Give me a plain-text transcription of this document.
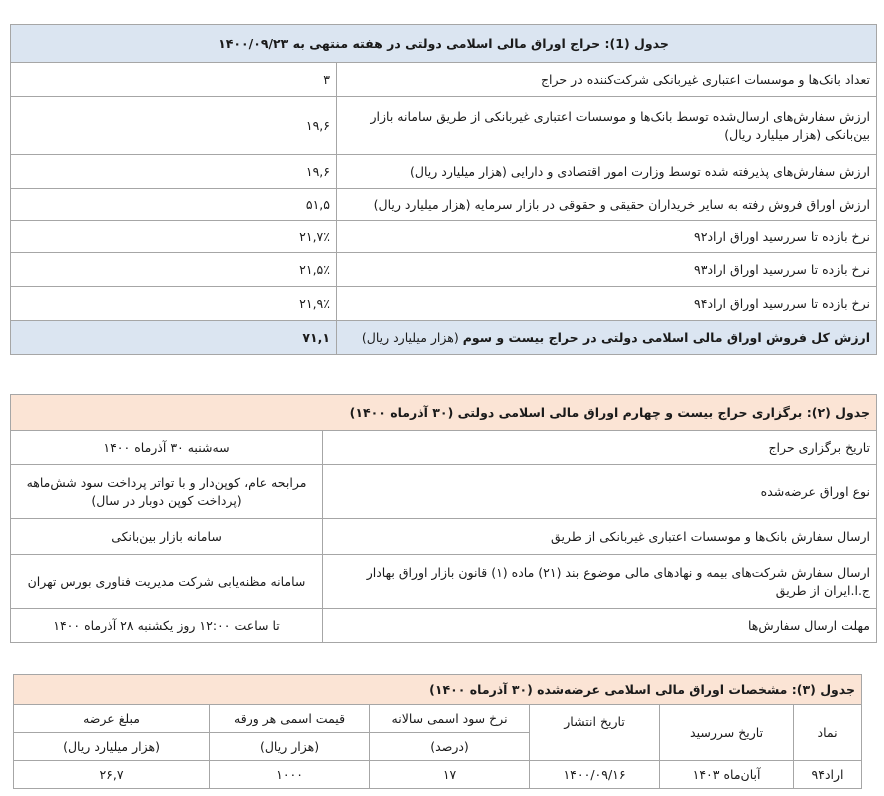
جدول (1): حراج اوراق مالی اسلامی دولتی در هفته منتهی به ۱۴۰۰/۰۹/۲۳	
تعداد بانک‌ها و موسسات اعتباری غیربانکی شرکت‌کننده در حراج	۳
ارزش سفارش‌های ارسال‌شده توسط بانک‌ها و موسسات اعتباری غیربانکی از طریق سامانه بازار بین‌بانکی (هزار میلیارد ریال)	۱۹,۶
ارزش سفارش‌های پذیرفته شده توسط وزارت امور اقتصادی و دارایی (هزار میلیارد ریال)	۱۹,۶
ارزش اوراق فروش رفته به سایر خریداران حقیقی و حقوقی در بازار سرمایه (هزار میلیارد ریال)	۵۱,۵
نرخ بازده تا سررسید اوراق اراد۹۲	۲۱,۷٪
نرخ بازده تا سررسید اوراق اراد۹۳	۲۱,۵٪
نرخ بازده تا سررسید اوراق اراد۹۴	۲۱,۹٪
ارزش کل فروش اوراق مالی اسلامی دولتی در حراج بیست و سوم (هزار میلیارد ریال)	۷۱,۱
جدول (۲): برگزاری حراج بیست و چهارم اوراق مالی اسلامی دولتی (۳۰ آذرماه ۱۴۰۰)	
تاریخ برگزاری حراج	سه‌شنبه ۳۰ آذرماه ۱۴۰۰
نوع اوراق عرضه‌شده	مرابحه عام، کوپن‌دار و با تواتر پرداخت سود شش‌ماهه (پرداخت کوپن دوبار در سال)
ارسال سفارش بانک‌ها و موسسات اعتباری غیربانکی از طریق	سامانه بازار بین‌بانکی
ارسال سفارش شرکت‌های بیمه و نهادهای مالی موضوع بند (۲۱) ماده (۱) قانون بازار اوراق بهادار ج.ا.ایران از طریق	سامانه مظنه‌یابی شرکت مدیریت فناوری بورس تهران
مهلت ارسال سفارش‌ها	تا ساعت ۱۲:۰۰ روز یکشنبه ۲۸ آذرماه ۱۴۰۰
جدول (۳): مشخصات اوراق مالی اسلامی عرضه‌شده (۳۰ آذرماه ۱۴۰۰)					
نماد	تاریخ سررسید	تاریخ انتشار	نرخ سود اسمی سالانه	قیمت اسمی هر ورقه	مبلغ عرضه
			(درصد)	(هزار ریال)	(هزار میلیارد ریال)
اراد۹۴	آبان‌ماه ۱۴۰۳	۱۴۰۰/۰۹/۱۶	۱۷	۱۰۰۰	۲۶,۷
